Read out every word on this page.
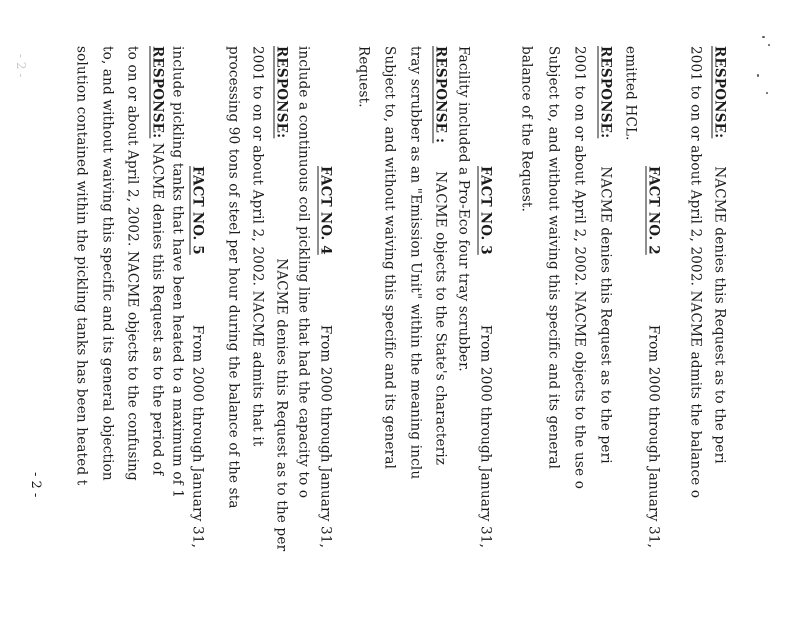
- 2 -	RESPONSE:NACME denies this Request as to the peri
2001 to on or about April 2, 2002. NACME admits the balance o
FACT NO. 2From 2000 through January 31,
emitted HCL.
RESPONSE:NACME denies this Request as to the peri
2001 to on or about April 2, 2002. NACME objects to the use o
Subject to, and without waiving this specific and its general
balance of the Request.
FACT NO. 3From 2000 through January 31,
Facility included a Pro-Eco four tray scrubber.
RESPONSE :NACME objects to the State's characteriz
tray scrubber as an "Emission Unit" within the meaning inclu
Subject to, and without waiving this specific and its general
Request.
FACT NO. 4From 2000 through January 31,
include a continuous coil pickling line that had the capacity to o
RESPONSE:NACME denies this Request as to the per
2001 to on or about April 2, 2002. NACME admits that it
processing 90 tons of steel per hour during the balance of the sta
FACT NO. 5From 2000 through January 31,
include pickling tanks that have been heated to a maximum of 1
RESPONSE: NACME denies this Request as to the period of
to on or about April 2, 2002. NACME objects to the confusing
to, and without waiving this specific and its general objection
solution contained within the pickling tanks has been heated t
- 2 -
